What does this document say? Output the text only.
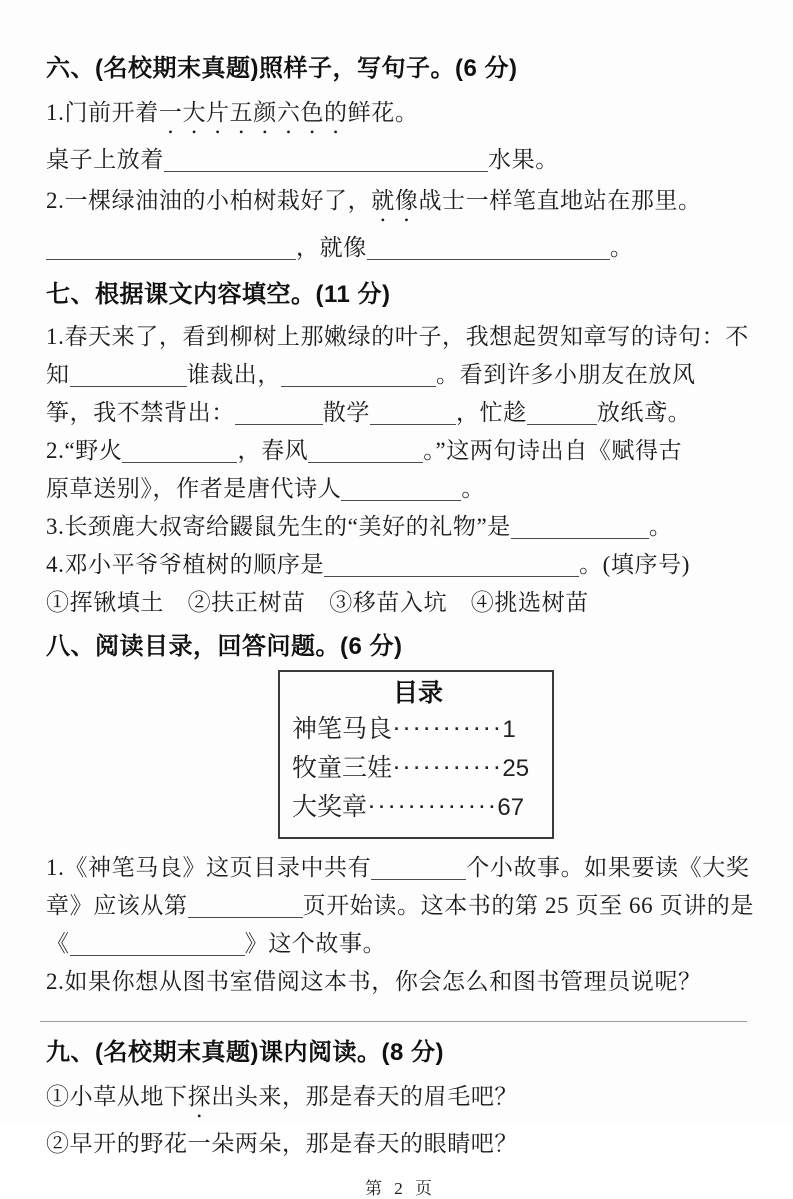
六、(名校期末真题)照样子，写句子。(6 分)
1.门前开着一大片五颜六色的鲜花。
桌子上放着	水果。
2.一棵绿油油的小柏树栽好了，就像战士一样笔直地站在那里。
，就像	。
七、根据课文内容填空。(11 分)
1.春天来了，看到柳树上那嫩绿的叶子，我想起贺知章写的诗句：不
知	谁裁出，	。看到许多小朋友在放风
筝，我不禁背出：	散学	，忙趁	放纸鸢。
2.“野火	，春风	。”这两句诗出自《赋得古
原草送别》，作者是唐代诗人	。
3.长颈鹿大叔寄给鼹鼠先生的“美好的礼物”是	。
4.邓小平爷爷植树的顺序是	。(填序号)
①挥锹填土　②扶正树苗　③移苗入坑　④挑选树苗
八、阅读目录，回答问题。(6 分)
目录
神笔马良···········1
牧童三娃···········25
大奖章·············67
1.《神笔马良》这页目录中共有	个小故事。如果要读《大奖
章》应该从第	页开始读。这本书的第 25 页至 66 页讲的是
《	》这个故事。
2.如果你想从图书室借阅这本书，你会怎么和图书管理员说呢？
九、(名校期末真题)课内阅读。(8 分)
①小草从地下探出头来，那是春天的眉毛吧？
②早开的野花一朵两朵，那是春天的眼睛吧？
第 2 页
